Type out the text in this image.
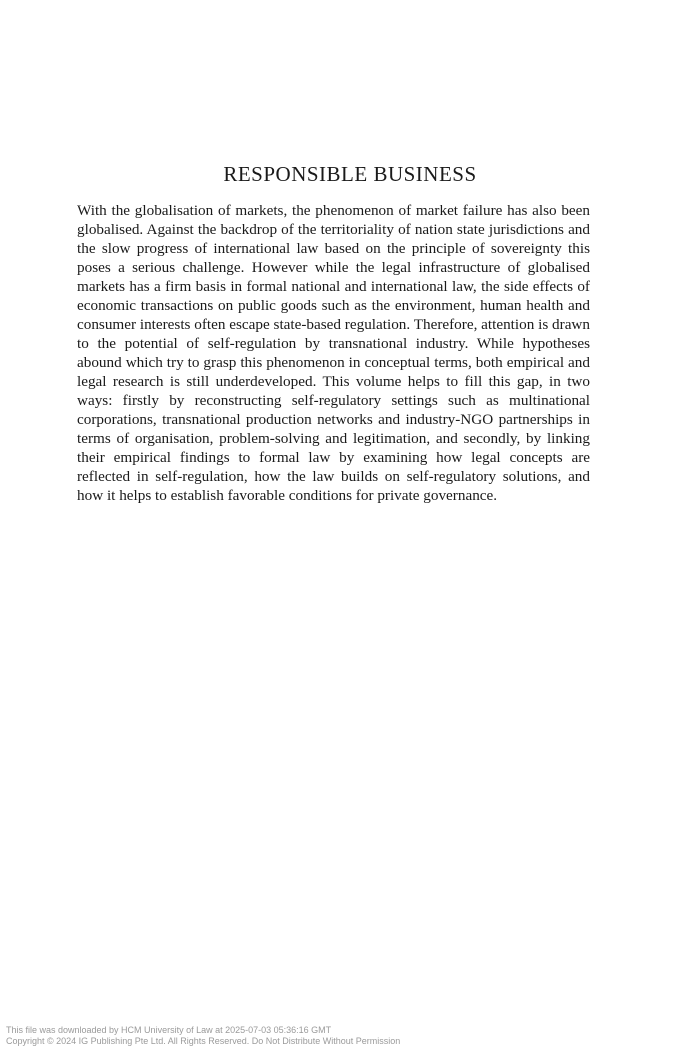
RESPONSIBLE BUSINESS

With the globalisation of markets, the phenomenon of market failure has also been globalised. Against the backdrop of the territoriality of nation state jurisdictions and the slow progress of international law based on the principle of sovereignty this poses a serious challenge. However while the legal infrastructure of globalised markets has a firm basis in formal national and international law, the side effects of economic transactions on public goods such as the environment, human health and consumer interests often escape state-based regulation. Therefore, attention is drawn to the potential of self-regulation by transnational industry. While hypotheses abound which try to grasp this phenomenon in conceptual terms, both empirical and legal research is still underdeveloped. This volume helps to fill this gap, in two ways: firstly by reconstructing self-regulatory settings such as multinational corporations, transnational production networks and industry-NGO partnerships in terms of organisation, problem-solving and legitimation, and secondly, by linking their empirical findings to formal law by examining how legal concepts are reflected in self-regulation, how the law builds on self-regulatory solutions, and how it helps to establish favorable conditions for private governance.

This file was downloaded by HCM University of Law at 2025-07-03 05:36:16 GMT
Copyright © 2024 IG Publishing Pte Ltd. All Rights Reserved. Do Not Distribute Without Permission
